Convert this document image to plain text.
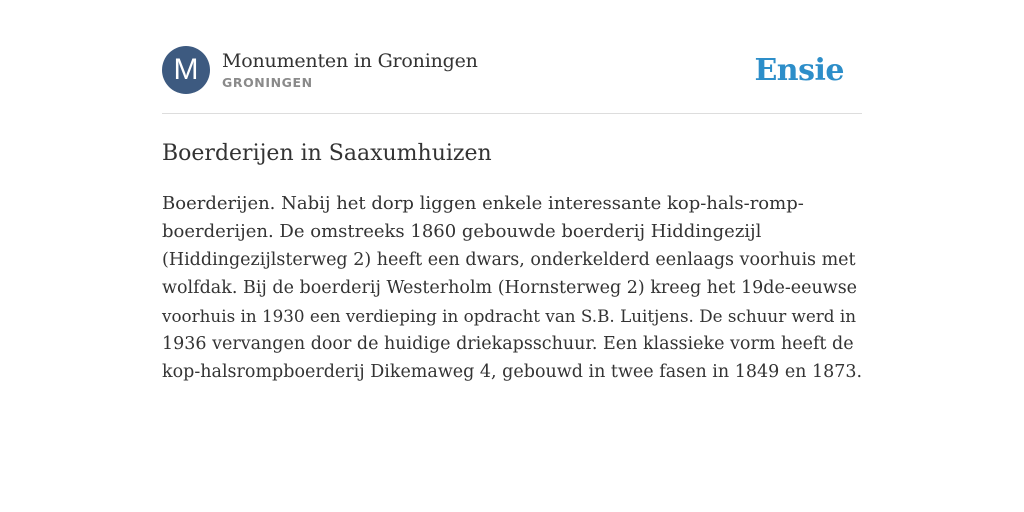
M	Monumenten in Groningen
GRONINGEN	Ensie
Boerderijen in Saaxumhuizen
Boerderijen. Nabij het dorp liggen enkele interessante kop-hals-romp-
boerderijen. De omstreeks 1860 gebouwde boerderij Hiddingezijl
(Hiddingezijlsterweg 2) heeft een dwars, onderkelderd eenlaags voorhuis met
wolfdak. Bij de boerderij Westerholm (Hornsterweg 2) kreeg het 19de-eeuwse
voorhuis in 1930 een verdieping in opdracht van S.B. Luitjens. De schuur werd in
1936 vervangen door de huidige driekapsschuur. Een klassieke vorm heeft de
kop-halsrompboerderij Dikemaweg 4, gebouwd in twee fasen in 1849 en 1873.
